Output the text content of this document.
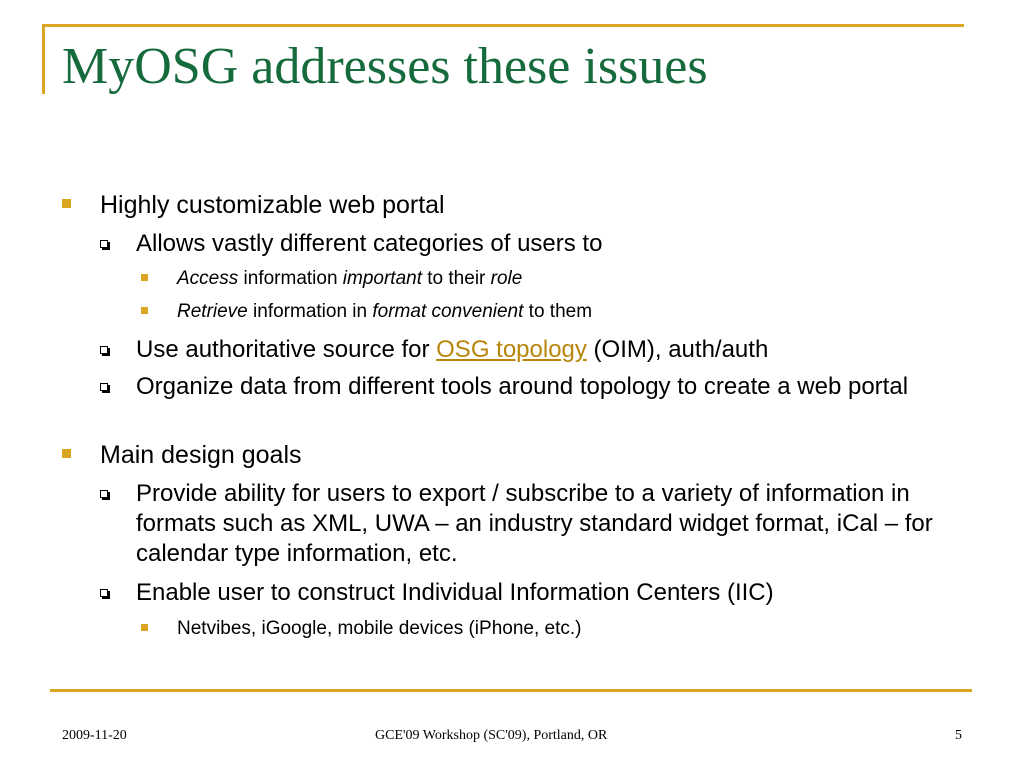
MyOSG addresses these issues
Highly customizable web portal
Allows vastly different categories of users to
Access information important to their role
Retrieve information in format convenient to them
Use authoritative source for OSG topology (OIM), auth/auth
Organize data from different tools around topology to create a web portal
Main design goals
Provide ability for users to export / subscribe to a variety of information in formats such as XML, UWA – an industry standard widget format, iCal – for calendar type information, etc.
Enable user to construct Individual Information Centers (IIC)
Netvibes, iGoogle, mobile devices (iPhone, etc.)
2009-11-20	GCE'09 Workshop (SC'09), Portland, OR	5
